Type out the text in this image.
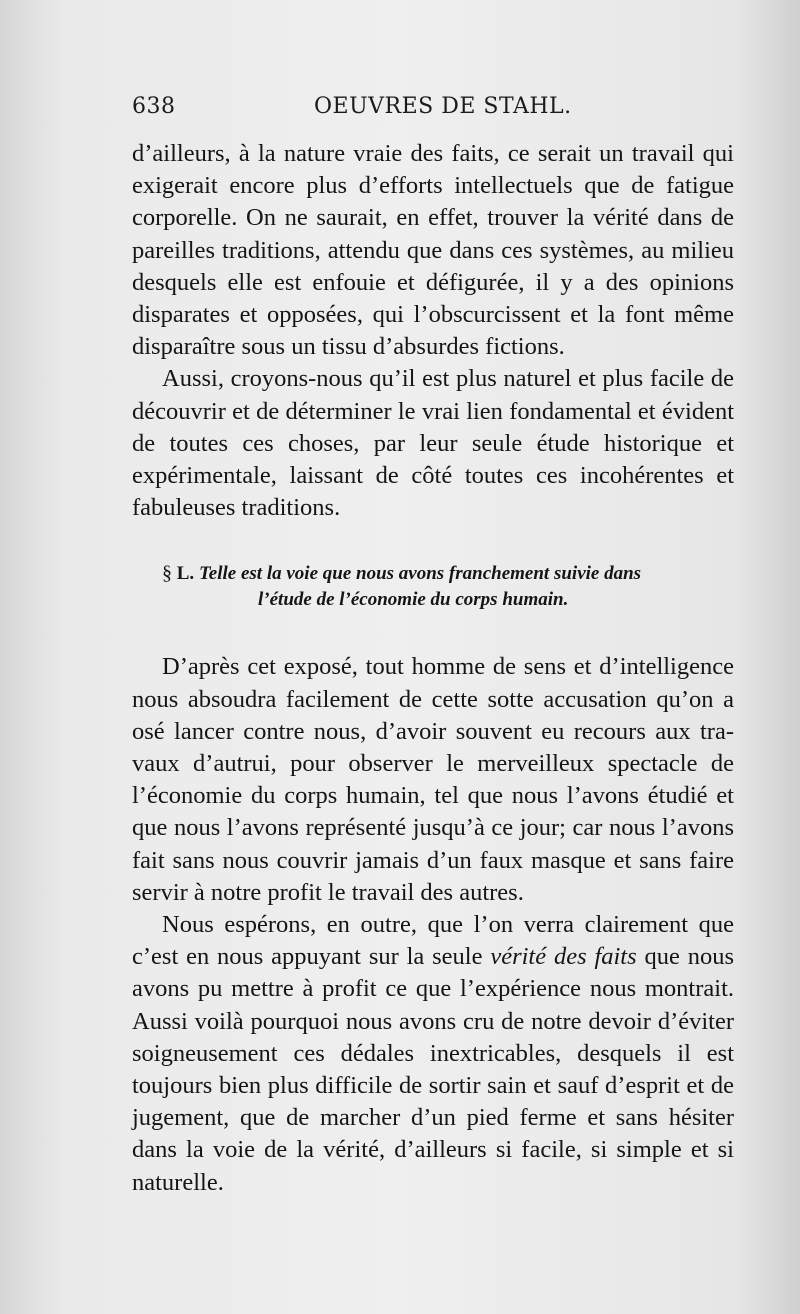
638	OEUVRES DE STAHL.

d’ailleurs, à la nature vraie des faits, ce serait un travail qui exigerait encore plus d’efforts intellectuels que de fatigue corporelle. On ne saurait, en effet, trouver la vérité dans de pareilles traditions, attendu que dans ces systèmes, au milieu desquels elle est enfouie et défigurée, il y a des opinions disparates et opposées, qui l’obscurcissent et la font même disparaître sous un tissu d’absurdes fictions.

Aussi, croyons-nous qu’il est plus naturel et plus facile de découvrir et de déterminer le vrai lien fondamental et évident de toutes ces choses, par leur seule étude historique et expérimentale, laissant de côté toutes ces incohérentes et fabuleuses traditions.

§ L. Telle est la voie que nous avons franchement suivie dans
l’étude de l’économie du corps humain.

D’après cet exposé, tout homme de sens et d’intelligence nous absoudra facilement de cette sotte accusation qu’on a osé lancer contre nous, d’avoir souvent eu recours aux travaux d’autrui, pour observer le merveilleux spectacle de l’économie du corps humain, tel que nous l’avons étudié et que nous l’avons représenté jusqu’à ce jour; car nous l’avons fait sans nous couvrir jamais d’un faux masque et sans faire servir à notre profit le travail des autres.

Nous espérons, en outre, que l’on verra clairement que c’est en nous appuyant sur la seule vérité des faits que nous avons pu mettre à profit ce que l’expérience nous montrait. Aussi voilà pourquoi nous avons cru de notre devoir d’éviter soigneusement ces dédales inextricables, desquels il est toujours bien plus difficile de sortir sain et sauf d’esprit et de jugement, que de marcher d’un pied ferme et sans hésiter dans la voie de la vérité, d’ailleurs si facile, si simple et si naturelle.
